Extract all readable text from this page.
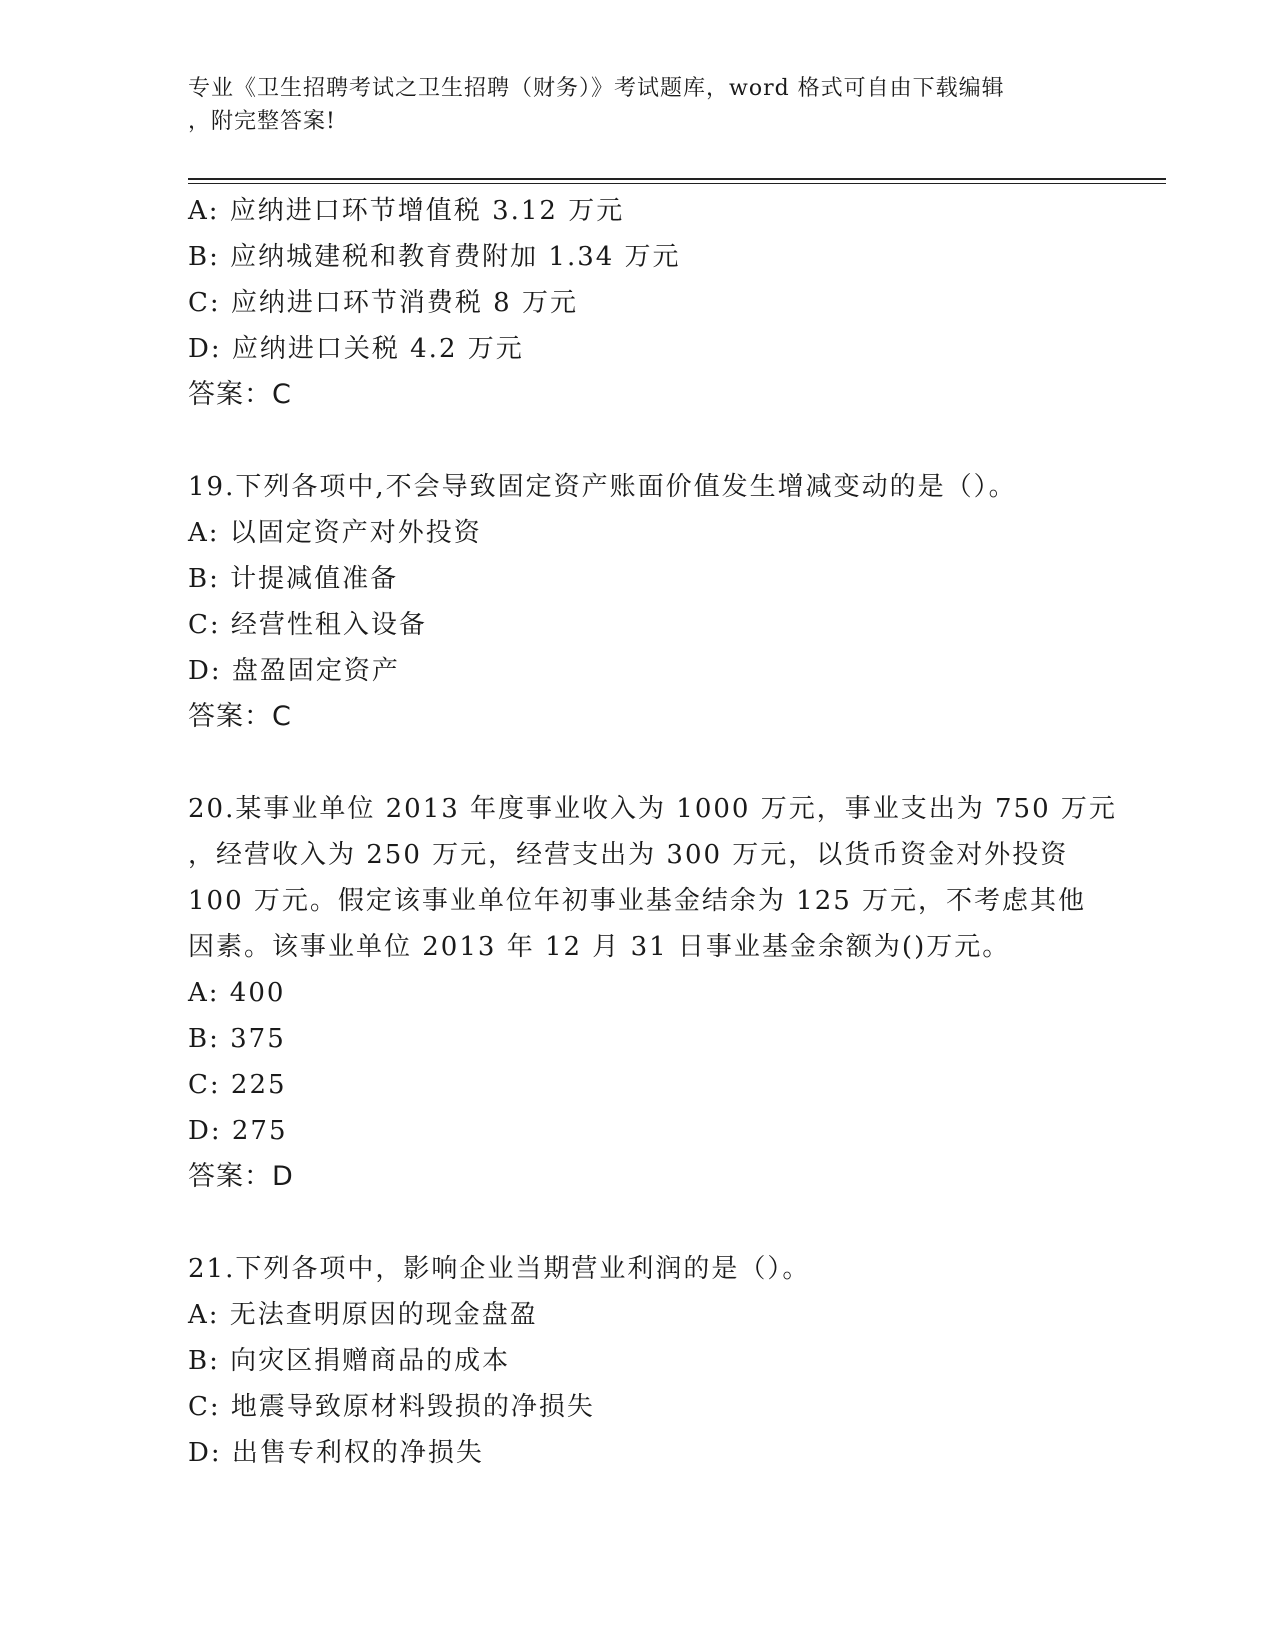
专业《卫生招聘考试之卫生招聘（财务）》考试题库，word 格式可自由下载编辑
，附完整答案!
A: 应纳进口环节增值税 3.12 万元
B: 应纳城建税和教育费附加 1.34 万元
C: 应纳进口环节消费税 8 万元
D: 应纳进口关税 4.2 万元
答案：C
19.下列各项中,不会导致固定资产账面价值发生增减变动的是（）。
A: 以固定资产对外投资
B: 计提减值准备
C: 经营性租入设备
D: 盘盈固定资产
答案：C
20.某事业单位 2013 年度事业收入为 1000 万元，事业支出为 750 万元
，经营收入为 250 万元，经营支出为 300 万元，以货币资金对外投资
100 万元。假定该事业单位年初事业基金结余为 125 万元，不考虑其他
因素。该事业单位 2013 年 12 月 31 日事业基金余额为()万元。
A: 400
B: 375
C: 225
D: 275
答案：D
21.下列各项中，影响企业当期营业利润的是（）。
A: 无法查明原因的现金盘盈
B: 向灾区捐赠商品的成本
C: 地震导致原材料毁损的净损失
D: 出售专利权的净损失
